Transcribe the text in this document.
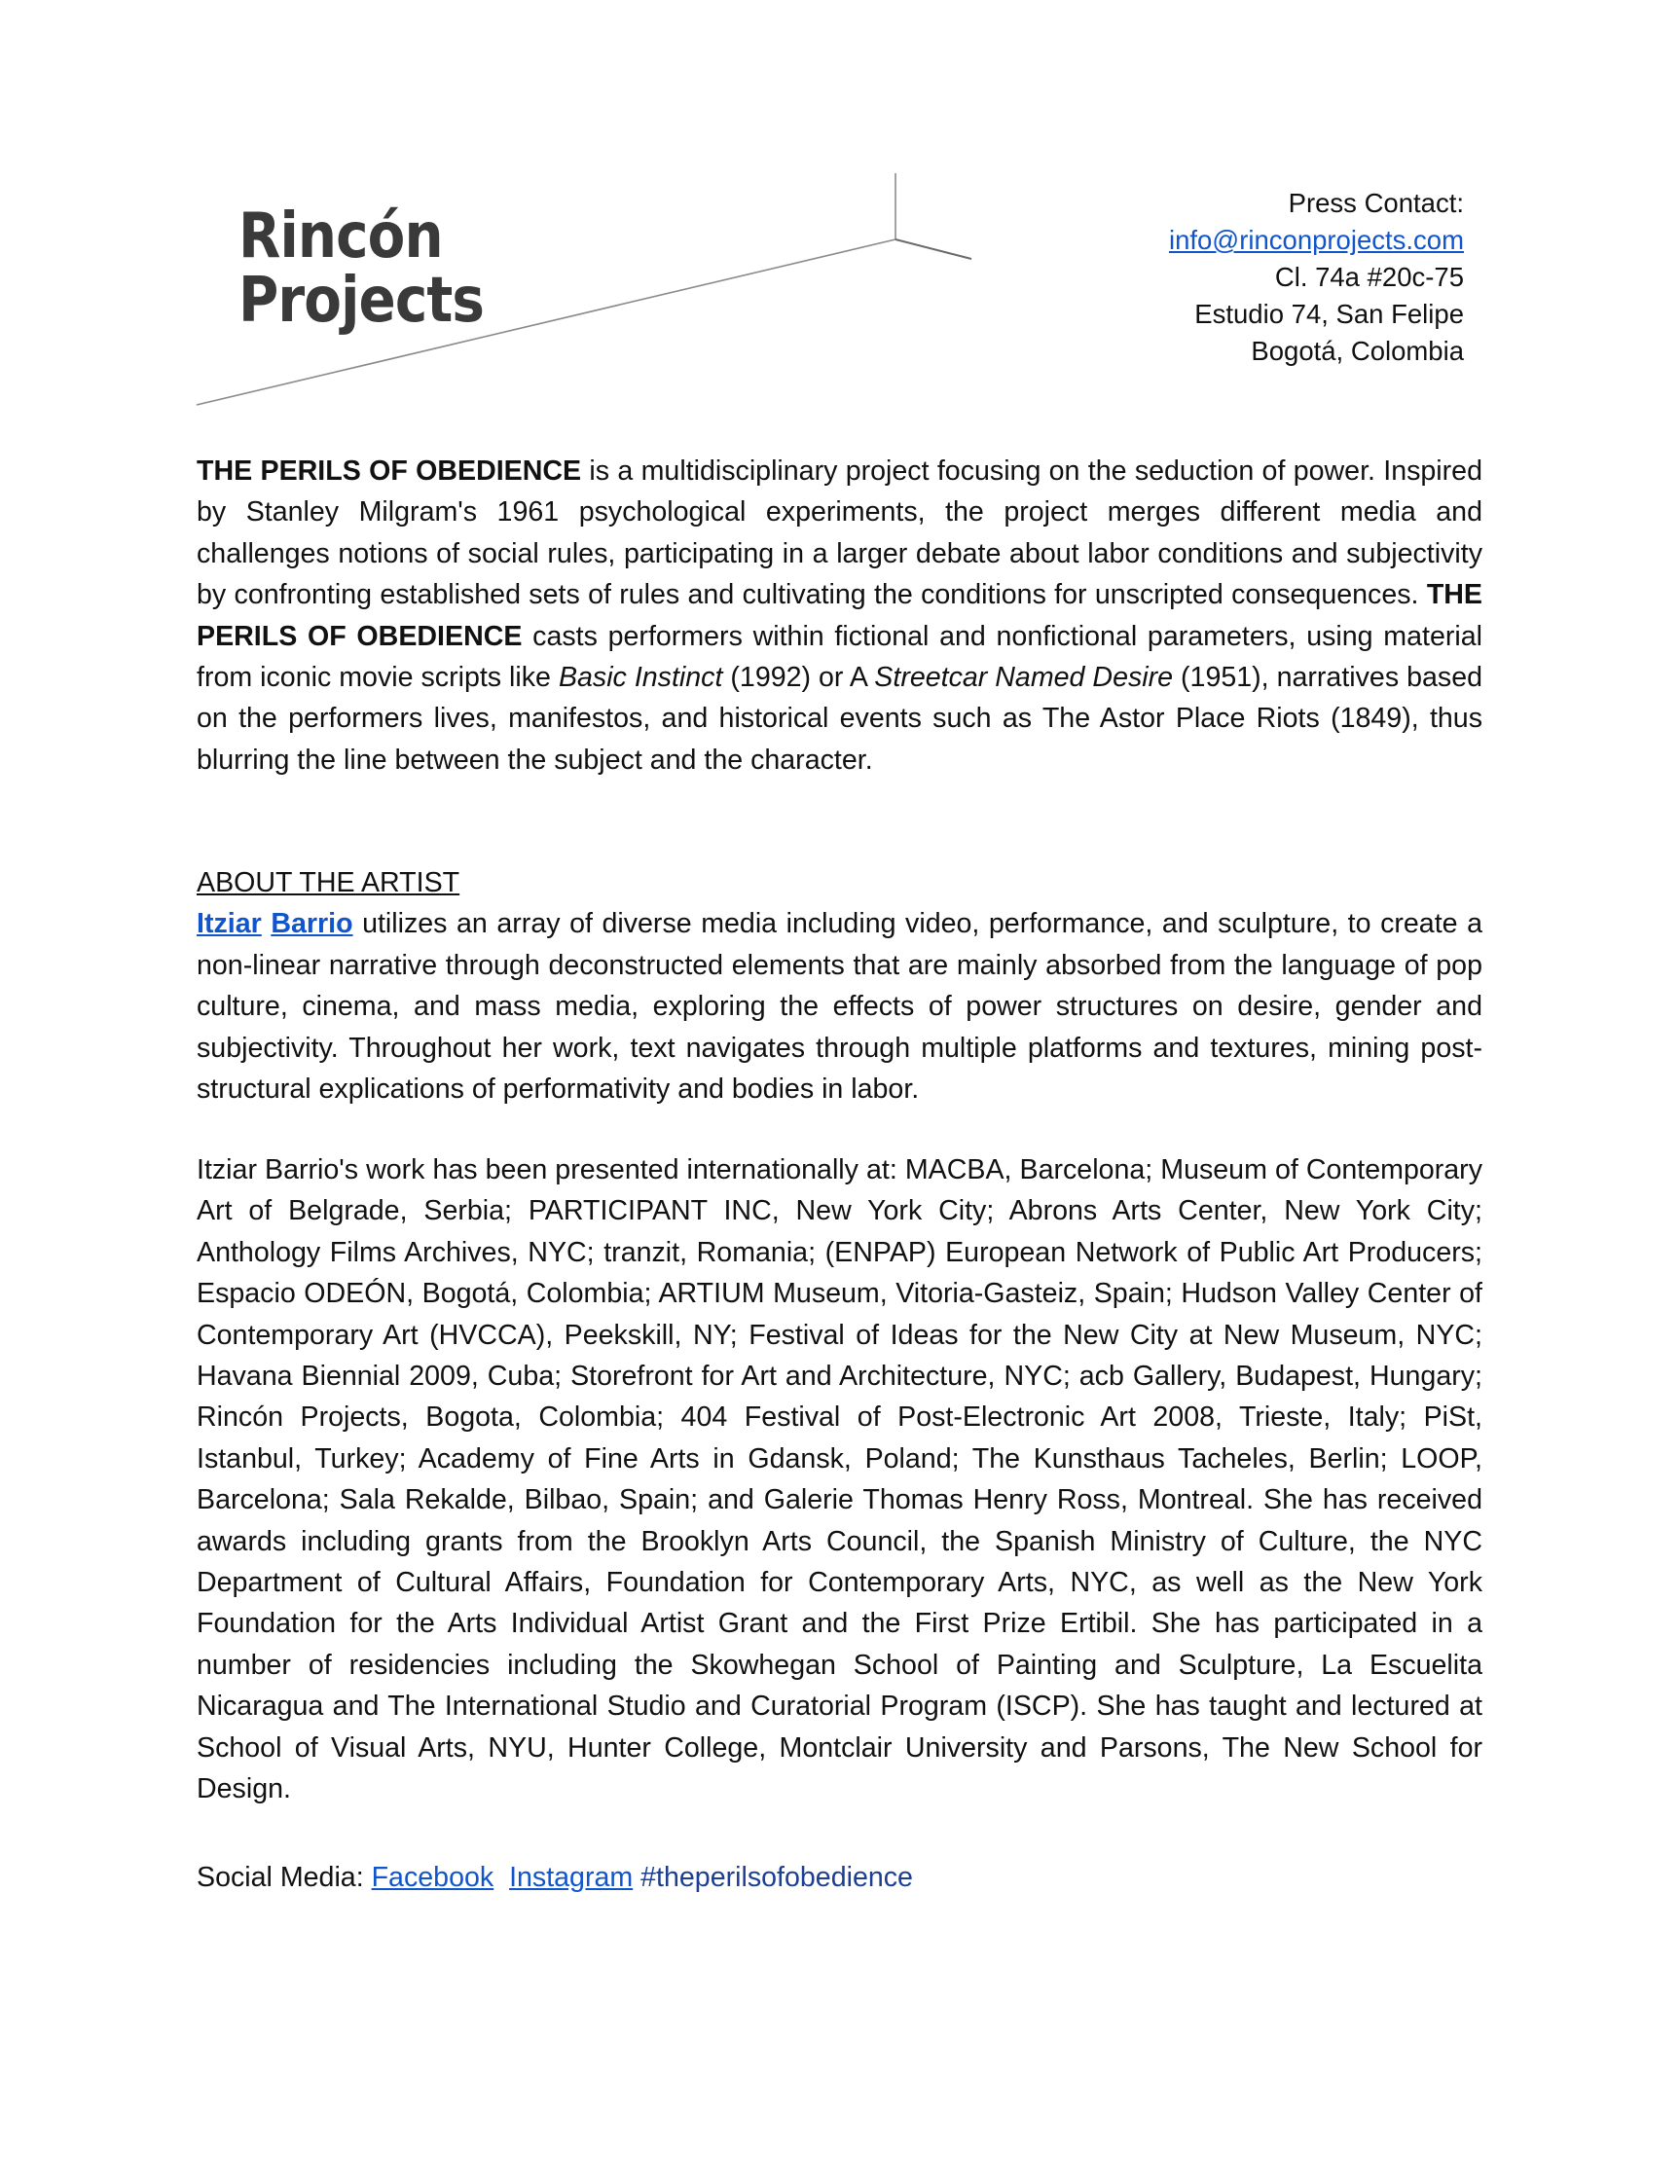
Rincón
Projects
Press Contact:
info@rinconprojects.com
Cl. 74a #20c-75
Estudio 74, San Felipe
Bogotá, Colombia

THE PERILS OF OBEDIENCE is a multidisciplinary project focusing on the seduction of power. Inspired by Stanley Milgram's 1961 psychological experiments, the project merges different media and challenges notions of social rules, participating in a larger debate about labor conditions and subjectivity by confronting established sets of rules and cultivating the conditions for unscripted consequences. THE PERILS OF OBEDIENCE casts performers within fictional and nonfictional parameters, using material from iconic movie scripts like Basic Instinct (1992) or A Streetcar Named Desire (1951), narratives based on the performers lives, manifestos, and historical events such as The Astor Place Riots (1849), thus blurring the line between the subject and the character.

ABOUT THE ARTIST

Itziar Barrio utilizes an array of diverse media including video, performance, and sculpture, to create a non-linear narrative through deconstructed elements that are mainly absorbed from the language of pop culture, cinema, and mass media, exploring the effects of power structures on desire, gender and subjectivity. Throughout her work, text navigates through multiple platforms and textures, mining post-structural explications of performativity and bodies in labor.

Itziar Barrio's work has been presented internationally at: MACBA, Barcelona; Museum of Contemporary Art of Belgrade, Serbia; PARTICIPANT INC, New York City; Abrons Arts Center, New York City; Anthology Films Archives, NYC; tranzit, Romania; (ENPAP) European Network of Public Art Producers; Espacio ODEÓN, Bogotá, Colombia; ARTIUM Museum, Vitoria-Gasteiz, Spain; Hudson Valley Center of Contemporary Art (HVCCA), Peekskill, NY; Festival of Ideas for the New City at New Museum, NYC; Havana Biennial 2009, Cuba; Storefront for Art and Architecture, NYC; acb Gallery, Budapest, Hungary; Rincón Projects, Bogota, Colombia; 404 Festival of Post-Electronic Art 2008, Trieste, Italy; PiSt, Istanbul, Turkey; Academy of Fine Arts in Gdansk, Poland; The Kunsthaus Tacheles, Berlin; LOOP, Barcelona; Sala Rekalde, Bilbao, Spain; and Galerie Thomas Henry Ross, Montreal. She has received awards including grants from the Brooklyn Arts Council, the Spanish Ministry of Culture, the NYC Department of Cultural Affairs, Foundation for Contemporary Arts, NYC, as well as the New York Foundation for the Arts Individual Artist Grant and the First Prize Ertibil. She has participated in a number of residencies including the Skowhegan School of Painting and Sculpture, La Escuelita Nicaragua and The International Studio and Curatorial Program (ISCP). She has taught and lectured at School of Visual Arts, NYU, Hunter College, Montclair University and Parsons, The New School for Design.

Social Media: Facebook Instagram #theperilsofobedience
